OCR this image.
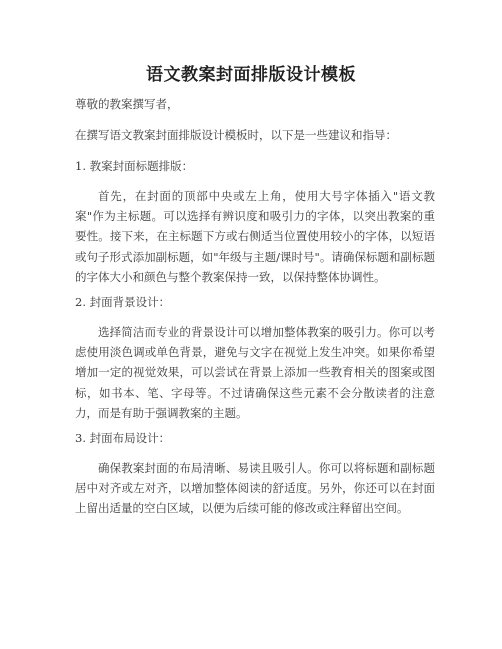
语文教案封面排版设计模板
尊敬的教案撰写者，
在撰写语文教案封面排版设计模板时，以下是一些建议和指导：
1. 教案封面标题排版：
首先，在封面的顶部中央或左上角，使用大号字体插入"语文教案"作为主标题。可以选择有辨识度和吸引力的字体，以突出教案的重要性。接下来，在主标题下方或右侧适当位置使用较小的字体，以短语或句子形式添加副标题，如"年级与主题/课时号"。请确保标题和副标题的字体大小和颜色与整个教案保持一致，以保持整体协调性。
2. 封面背景设计：
选择简洁而专业的背景设计可以增加整体教案的吸引力。你可以考虑使用淡色调或单色背景，避免与文字在视觉上发生冲突。如果你希望增加一定的视觉效果，可以尝试在背景上添加一些教育相关的图案或图标，如书本、笔、字母等。不过请确保这些元素不会分散读者的注意力，而是有助于强调教案的主题。
3. 封面布局设计：
确保教案封面的布局清晰、易读且吸引人。你可以将标题和副标题居中对齐或左对齐，以增加整体阅读的舒适度。另外，你还可以在封面上留出适量的空白区域，以便为后续可能的修改或注释留出空间。
